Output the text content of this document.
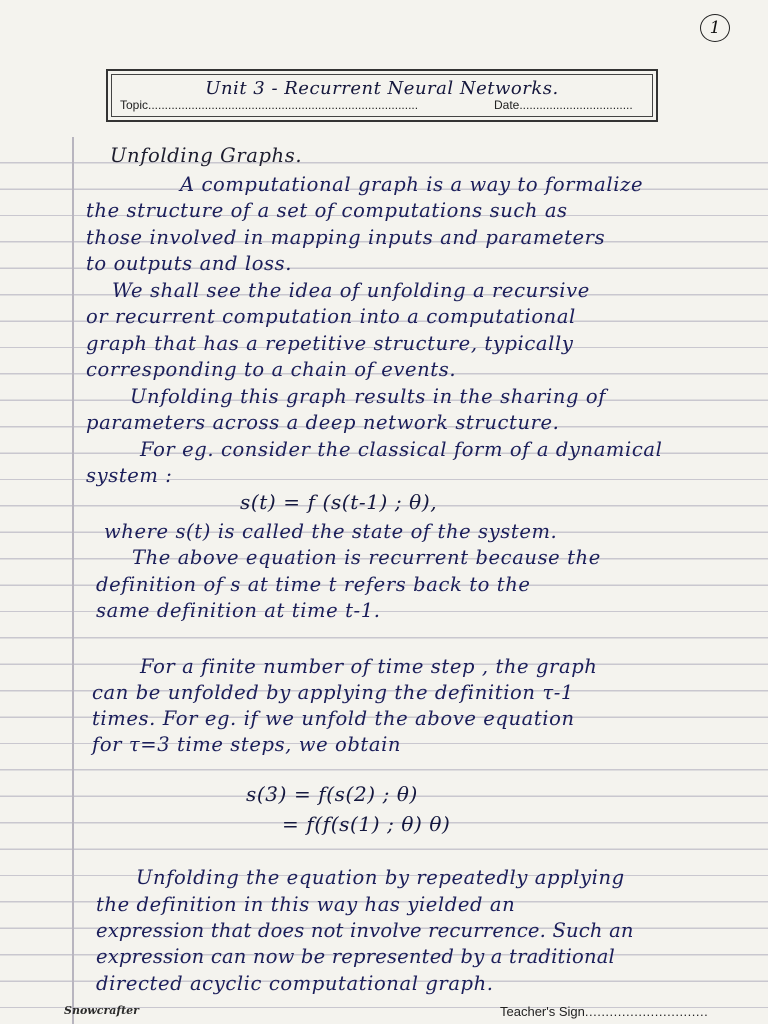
1
Unit 3 - Recurrent Neural Networks.
Topic.................................................................................	Date..................................
Unfolding Graphs.
A computational graph is a way to formalize
the structure of a set of computations such as
those involved in mapping inputs and parameters
to outputs and loss.
We shall see the idea of unfolding a recursive
or recurrent computation into a computational
graph that has a repetitive structure, typically
corresponding to a chain of events.
Unfolding this graph results in the sharing of
parameters across a deep network structure.
For eg. consider the classical form of a dynamical
system :
s(t) = f (s(t-1) ; θ),
where s(t) is called the state of the system.
The above equation is recurrent because the
definition of s at time t refers back to the
same definition at time t-1.
For a finite number of time step , the graph
can be unfolded by applying the definition τ-1
times. For eg. if we unfold the above equation
for τ=3 time steps, we obtain
s(3) = f(s(2) ; θ)
= f(f(s(1) ; θ) θ)
Unfolding the equation by repeatedly applying
the definition in this way has yielded an
expression that does not involve recurrence. Such an
expression can now be represented by a traditional
directed acyclic computational graph.
Snowcrafter	Teacher's Sign .....
